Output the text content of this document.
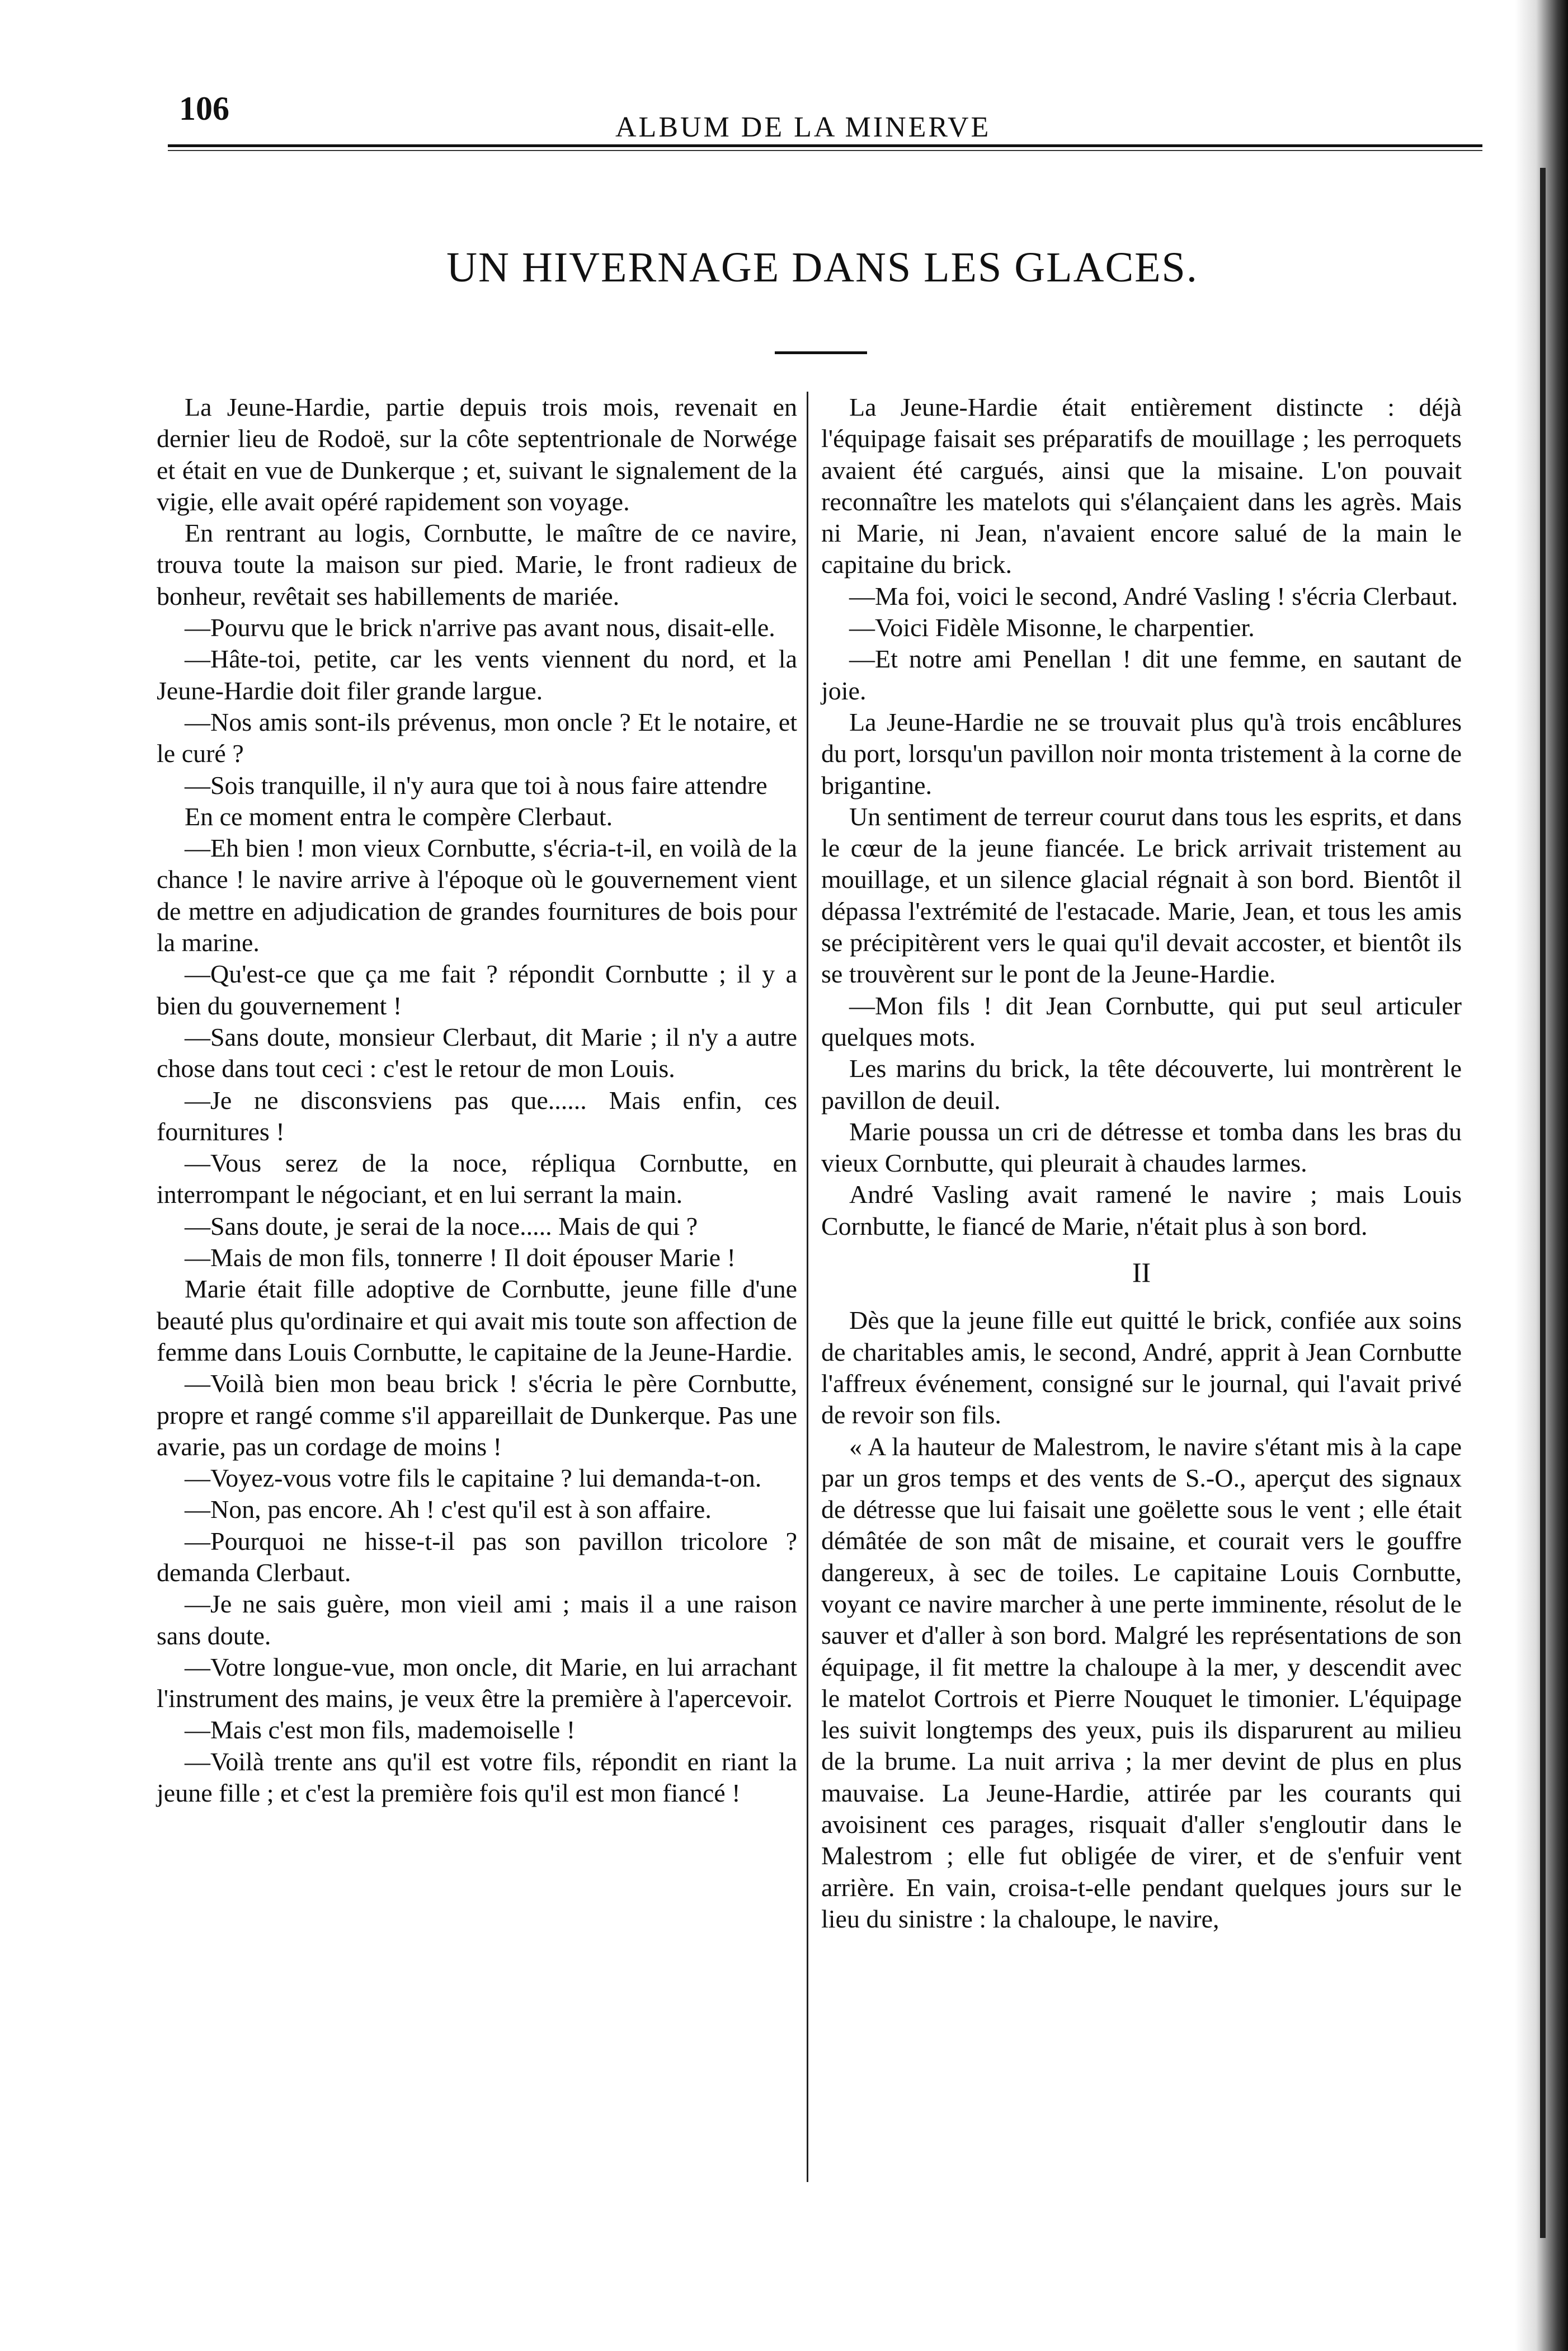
106
ALBUM DE LA MINERVE
UN HIVERNAGE DANS LES GLACES.

La Jeune-Hardie, partie depuis trois mois, revenait en dernier lieu de Rodoë, sur la côte septentrionale de Norwége et était en vue de Dunkerque ; et, suivant le signalement de la vigie, elle avait opéré rapidement son voyage.

En rentrant au logis, Cornbutte, le maître de ce navire, trouva toute la maison sur pied. Marie, le front radieux de bonheur, revêtait ses habillements de mariée.

—Pourvu que le brick n'arrive pas avant nous, disait-elle.

—Hâte-toi, petite, car les vents viennent du nord, et la Jeune-Hardie doit filer grande largue.

—Nos amis sont-ils prévenus, mon oncle ? Et le notaire, et le curé ?

—Sois tranquille, il n'y aura que toi à nous faire attendre

En ce moment entra le compère Clerbaut.

—Eh bien ! mon vieux Cornbutte, s'écria-t-il, en voilà de la chance ! le navire arrive à l'époque où le gouvernement vient de mettre en adjudication de grandes fournitures de bois pour la marine.

—Qu'est-ce que ça me fait ? répondit Cornbutte ; il y a bien du gouvernement !

—Sans doute, monsieur Clerbaut, dit Marie ; il n'y a autre chose dans tout ceci : c'est le retour de mon Louis.

—Je ne disconsviens pas que...... Mais enfin, ces fournitures !

—Vous serez de la noce, répliqua Cornbutte, en interrompant le négociant, et en lui serrant la main.

—Sans doute, je serai de la noce..... Mais de qui ?

—Mais de mon fils, tonnerre ! Il doit épouser Marie !

Marie était fille adoptive de Cornbutte, jeune fille d'une beauté plus qu'ordinaire et qui avait mis toute son affection de femme dans Louis Cornbutte, le capitaine de la Jeune-Hardie.

—Voilà bien mon beau brick ! s'écria le père Cornbutte, propre et rangé comme s'il appareillait de Dunkerque. Pas une avarie, pas un cordage de moins !

—Voyez-vous votre fils le capitaine ? lui demanda-t-on.

—Non, pas encore. Ah ! c'est qu'il est à son affaire.

—Pourquoi ne hisse-t-il pas son pavillon tricolore ? demanda Clerbaut.

—Je ne sais guère, mon vieil ami ; mais il a une raison sans doute.

—Votre longue-vue, mon oncle, dit Marie, en lui arrachant l'instrument des mains, je veux être la première à l'apercevoir.

—Mais c'est mon fils, mademoiselle !

—Voilà trente ans qu'il est votre fils, répondit en riant la jeune fille ; et c'est la première fois qu'il est mon fiancé !

La Jeune-Hardie était entièrement distincte : déjà l'équipage faisait ses préparatifs de mouillage ; les perroquets avaient été cargués, ainsi que la misaine. L'on pouvait reconnaître les matelots qui s'élançaient dans les agrès. Mais ni Marie, ni Jean, n'avaient encore salué de la main le capitaine du brick.

—Ma foi, voici le second, André Vasling ! s'écria Clerbaut.

—Voici Fidèle Misonne, le charpentier.

—Et notre ami Penellan ! dit une femme, en sautant de joie.

La Jeune-Hardie ne se trouvait plus qu'à trois encâblures du port, lorsqu'un pavillon noir monta tristement à la corne de brigantine.

Un sentiment de terreur courut dans tous les esprits, et dans le cœur de la jeune fiancée. Le brick arrivait tristement au mouillage, et un silence glacial régnait à son bord. Bientôt il dépassa l'extrémité de l'estacade. Marie, Jean, et tous les amis se précipitèrent vers le quai qu'il devait accoster, et bientôt ils se trouvèrent sur le pont de la Jeune-Hardie.

—Mon fils ! dit Jean Cornbutte, qui put seul articuler quelques mots.

Les marins du brick, la tête découverte, lui montrèrent le pavillon de deuil.

Marie poussa un cri de détresse et tomba dans les bras du vieux Cornbutte, qui pleurait à chaudes larmes.

André Vasling avait ramené le navire ; mais Louis Cornbutte, le fiancé de Marie, n'était plus à son bord.

II

Dès que la jeune fille eut quitté le brick, confiée aux soins de charitables amis, le second, André, apprit à Jean Cornbutte l'affreux événement, consigné sur le journal, qui l'avait privé de revoir son fils.

« A la hauteur de Malestrom, le navire s'étant mis à la cape par un gros temps et des vents de S.-O., aperçut des signaux de détresse que lui faisait une goëlette sous le vent ; elle était démâtée de son mât de misaine, et courait vers le gouffre dangereux, à sec de toiles. Le capitaine Louis Cornbutte, voyant ce navire marcher à une perte imminente, résolut de le sauver et d'aller à son bord. Malgré les représentations de son équipage, il fit mettre la chaloupe à la mer, y descendit avec le matelot Cortrois et Pierre Nouquet le timonier. L'équipage les suivit longtemps des yeux, puis ils disparurent au milieu de la brume. La nuit arriva ; la mer devint de plus en plus mauvaise. La Jeune-Hardie, attirée par les courants qui avoisinent ces parages, risquait d'aller s'engloutir dans le Malestrom ; elle fut obligée de virer, et de s'enfuir vent arrière. En vain, croisa-t-elle pendant quelques jours sur le lieu du sinistre : la chaloupe, le navire,
